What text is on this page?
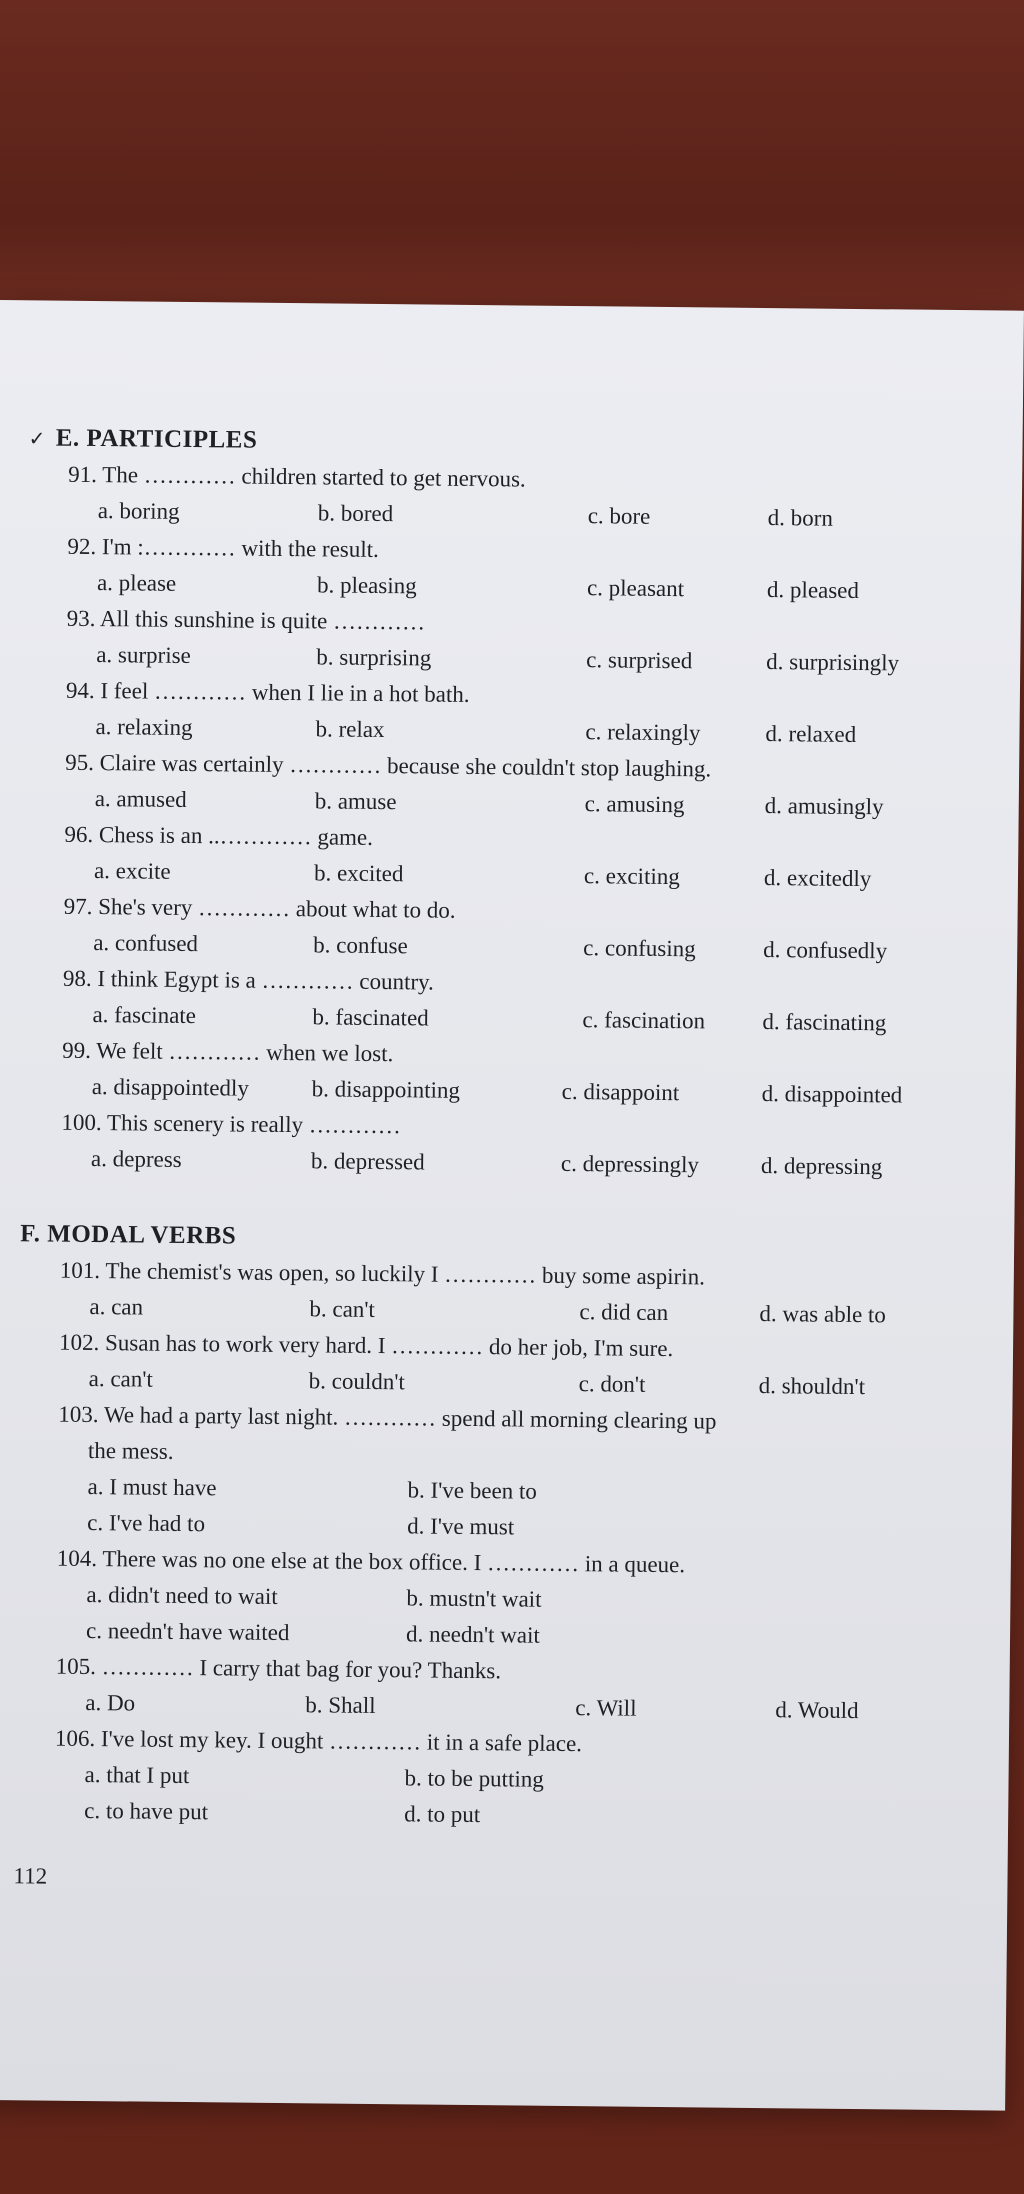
✓ E. PARTICIPLES
91. The ………… children started to get nervous.
a. boring	b. bored	c. bore	d. born
92. I'm :………… with the result.
a. please	b. pleasing	c. pleasant	d. pleased
93. All this sunshine is quite …………
a. surprise	b. surprising	c. surprised	d. surprisingly
94. I feel ………… when I lie in a hot bath.
a. relaxing	b. relax	c. relaxingly	d. relaxed
95. Claire was certainly ………… because she couldn't stop laughing.
a. amused	b. amuse	c. amusing	d. amusingly
96. Chess is an ..………… game.
a. excite	b. excited	c. exciting	d. excitedly
97. She's very ………… about what to do.
a. confused	b. confuse	c. confusing	d. confusedly
98. I think Egypt is a ………… country.
a. fascinate	b. fascinated	c. fascination d. fascinating
99. We felt ………… when we lost.
a. disappointedly	b. disappointing	c. disappoint	d. disappointed
100. This scenery is really …………
a. depress	b. depressed	c. depressingly	d. depressing
F. MODAL VERBS
101. The chemist's was open, so luckily I ………… buy some aspirin.
a. can	b. can't	c. did can	d. was able to
102. Susan has to work very hard. I ………… do her job, I'm sure.
a. can't	b. couldn't	c. don't	d. shouldn't
103. We had a party last night. ………… spend all morning clearing up
the mess.
a. I must have	b. I've been to
c. I've had to	d. I've must
104. There was no one else at the box office. I ………… in a queue.
a. didn't need to wait	b. mustn't wait
c. needn't have waited	d. needn't wait
105. ………… I carry that bag for you? Thanks.
a. Do	b. Shall	c. Will	d. Would
106. I've lost my key. I ought ………… it in a safe place.
a. that I put	b. to be putting
c. to have put	d. to put
112
